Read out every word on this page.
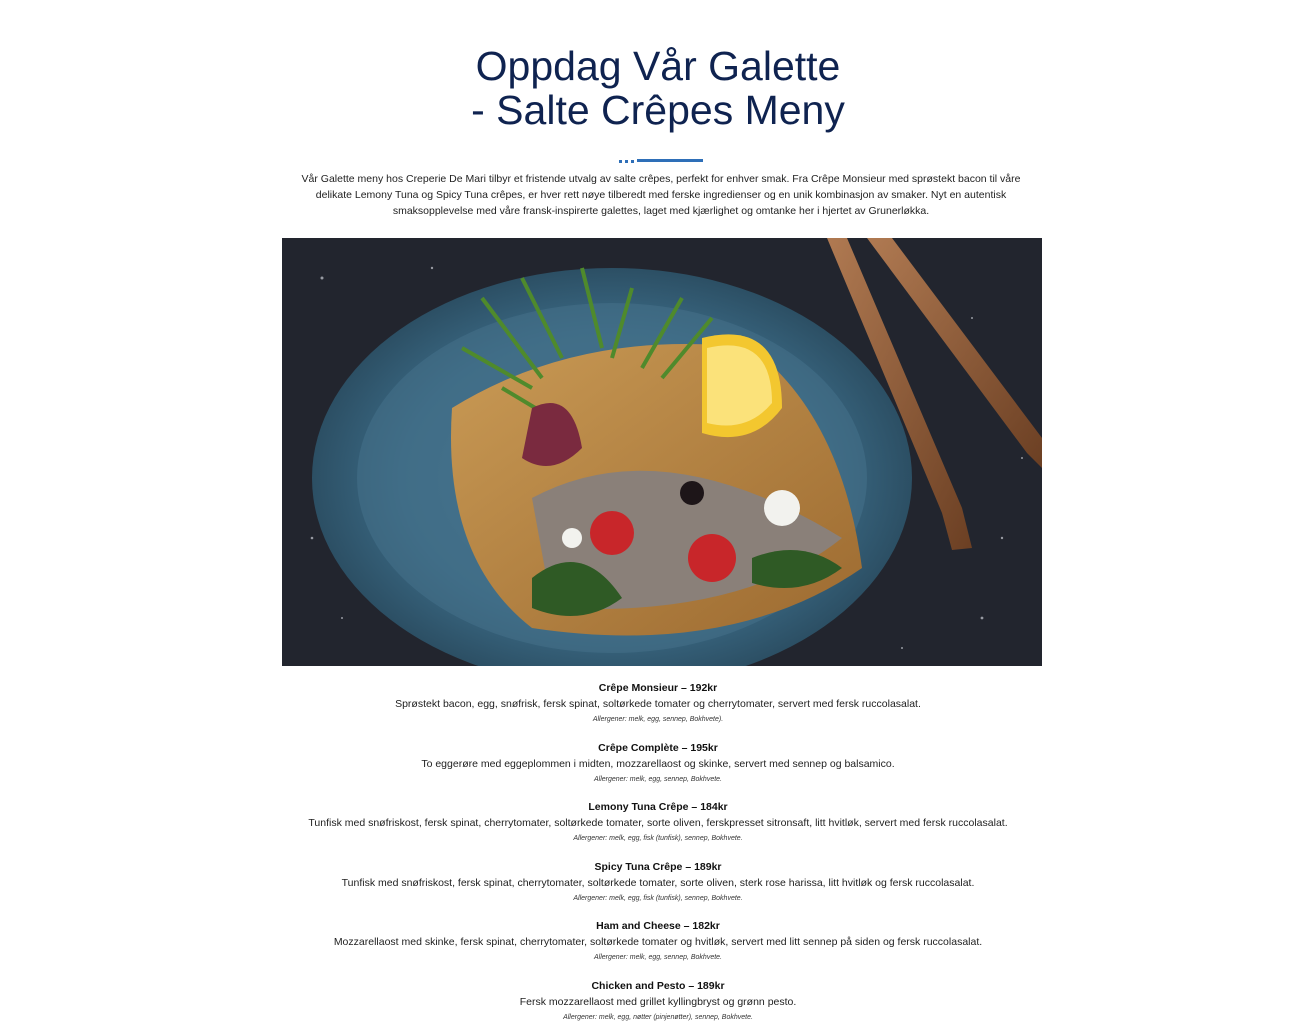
Oppdag Vår Galette
- Salte Crêpes Meny

Vår Galette meny hos Creperie De Mari tilbyr et fristende utvalg av salte crêpes, perfekt for enhver smak. Fra Crêpe Monsieur med sprøstekt bacon til våre delikate Lemony Tuna og Spicy Tuna crêpes, er hver rett nøye tilberedt med ferske ingredienser og en unik kombinasjon av smaker. Nyt en autentisk smaksopplevelse med våre fransk-inspirerte galettes, laget med kjærlighet og omtanke her i hjertet av Grunerløkka.

Crêpe Monsieur – 192kr
Sprøstekt bacon, egg, snøfrisk, fersk spinat, soltørkede tomater og cherrytomater, servert med fersk ruccolasalat.
Allergener: melk, egg, sennep, Bokhvete).
Crêpe Complète – 195kr
To eggerøre med eggeplommen i midten, mozzarellaost og skinke, servert med sennep og balsamico.
Allergener: melk, egg, sennep, Bokhvete.
Lemony Tuna Crêpe – 184kr
Tunfisk med snøfriskost, fersk spinat, cherrytomater, soltørkede tomater, sorte oliven, ferskpresset sitronsaft, litt hvitløk, servert med fersk ruccolasalat.
Allergener: melk, egg, fisk (tunfisk), sennep, Bokhvete.
Spicy Tuna Crêpe – 189kr
Tunfisk med snøfriskost, fersk spinat, cherrytomater, soltørkede tomater, sorte oliven, sterk rose harissa, litt hvitløk og fersk ruccolasalat.
Allergener: melk, egg, fisk (tunfisk), sennep, Bokhvete.
Ham and Cheese – 182kr
Mozzarellaost med skinke, fersk spinat, cherrytomater, soltørkede tomater og hvitløk, servert med litt sennep på siden og fersk ruccolasalat.
Allergener: melk, egg, sennep, Bokhvete.
Chicken and Pesto – 189kr
Fersk mozzarellaost med grillet kyllingbryst og grønn pesto.
Allergener: melk, egg, nøtter (pinjenøtter), sennep, Bokhvete.
